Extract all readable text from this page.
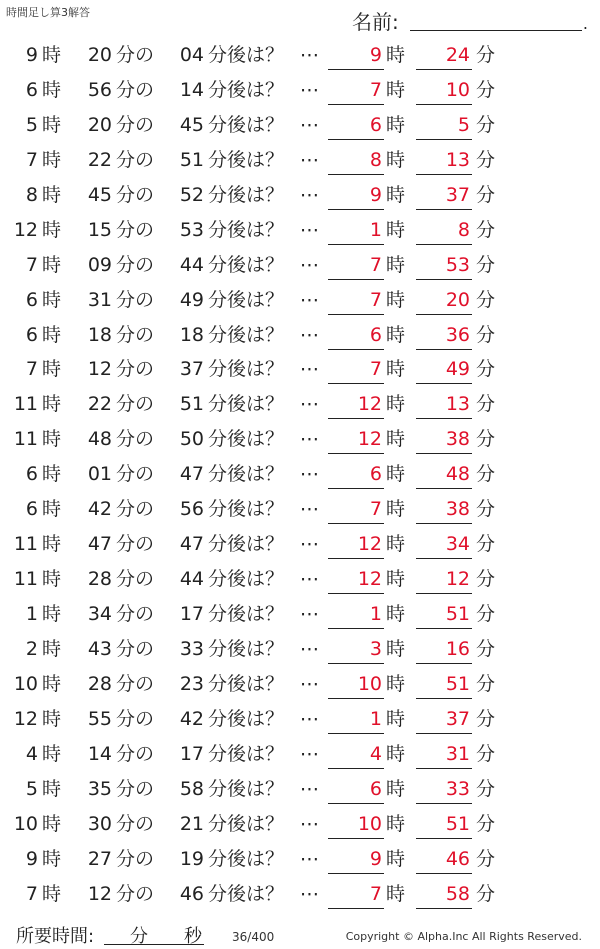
時間足し算3解答	名前:	.
9 時	20 分の	04 分後は？ ⋯	9 時	24 分
6 時	56 分の	14 分後は？ ⋯	7 時	10 分
5 時	20 分の	45 分後は？ ⋯	6 時	5 分
7 時	22 分の	51 分後は？ ⋯	8 時	13 分
8 時	45 分の	52 分後は？ ⋯	9 時	37 分
12 時	15 分の	53 分後は？ ⋯	1 時	8 分
7 時	09 分の	44 分後は？ ⋯	7 時	53 分
6 時	31 分の	49 分後は？ ⋯	7 時	20 分
6 時	18 分の	18 分後は？ ⋯	6 時	36 分
7 時	12 分の	37 分後は？ ⋯	7 時	49 分
11 時	22 分の	51 分後は？ ⋯	12 時	13 分
11 時	48 分の	50 分後は？ ⋯	12 時	38 分
6 時	01 分の	47 分後は？ ⋯	6 時	48 分
6 時	42 分の	56 分後は？ ⋯	7 時	38 分
11 時	47 分の	47 分後は？ ⋯	12 時	34 分
11 時	28 分の	44 分後は？ ⋯	12 時	12 分
1 時	34 分の	17 分後は？ ⋯	1 時	51 分
2 時	43 分の	33 分後は？ ⋯	3 時	16 分
10 時	28 分の	23 分後は？ ⋯	10 時	51 分
12 時	55 分の	42 分後は？ ⋯	1 時	37 分
4 時	14 分の	17 分後は？ ⋯	4 時	31 分
5 時	35 分の	58 分後は？ ⋯	6 時	33 分
10 時	30 分の	21 分後は？ ⋯	10 時	51 分
9 時	27 分の	19 分後は？ ⋯	9 時	46 分
7 時	12 分の	46 分後は？ ⋯	7 時	58 分
所要時間: 分 秒	36/400	Copyright © Alpha.Inc All Rights Reserved.
